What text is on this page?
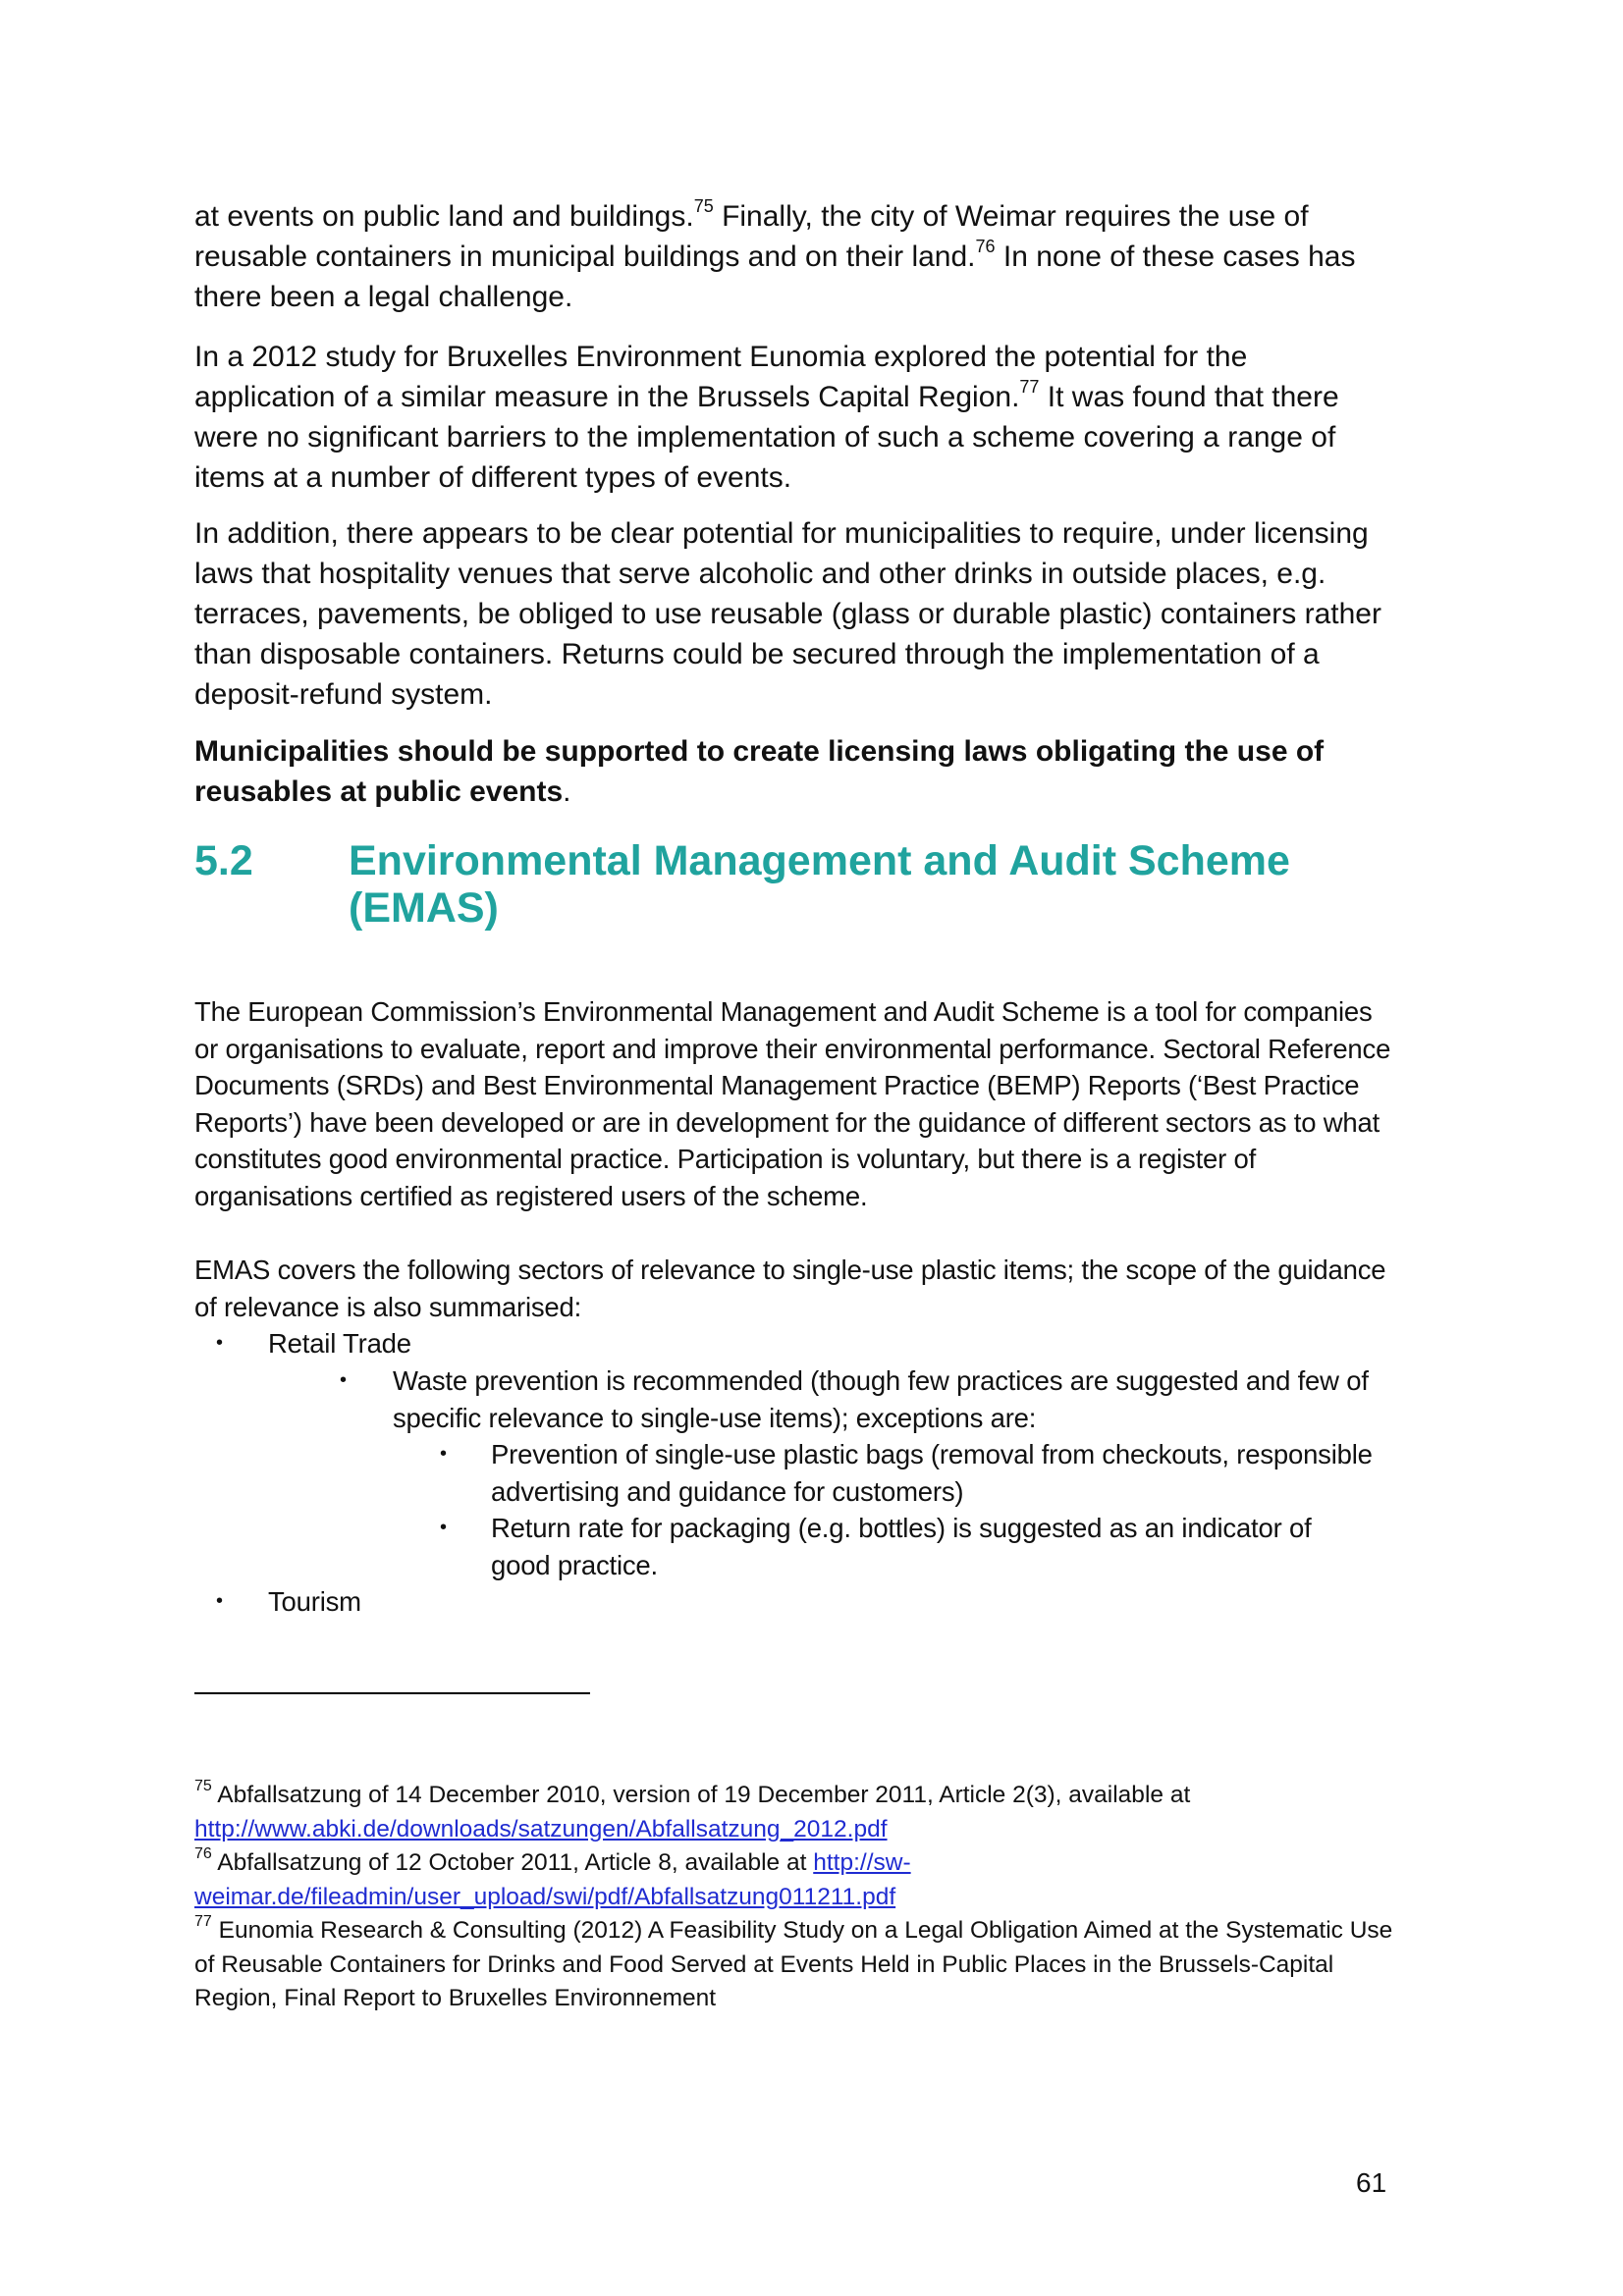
at events on public land and buildings.$^{75}$ Finally, the city of Weimar requires the use of reusable containers in municipal buildings and on their land.$^{76}$ In none of these cases has there been a legal challenge.

In a 2012 study for Bruxelles Environment Eunomia explored the potential for the application of a similar measure in the Brussels Capital Region.$^{77}$ It was found that there were no significant barriers to the implementation of such a scheme covering a range of items at a number of different types of events.

In addition, there appears to be clear potential for municipalities to require, under licensing laws that hospitality venues that serve alcoholic and other drinks in outside places, e.g. terraces, pavements, be obliged to use reusable (glass or durable plastic) containers rather than disposable containers. Returns could be secured through the implementation of a deposit-refund system.

Municipalities should be supported to create licensing laws obligating the use of reusables at public events.

5.2 Environmental Management and Audit Scheme (EMAS)

The European Commission’s Environmental Management and Audit Scheme is a tool for companies or organisations to evaluate, report and improve their environmental performance. Sectoral Reference Documents (SRDs) and Best Environmental Management Practice (BEMP) Reports (‘Best Practice Reports’) have been developed or are in development for the guidance of different sectors as to what constitutes good environmental practice. Participation is voluntary, but there is a register of organisations certified as registered users of the scheme.

EMAS covers the following sectors of relevance to single-use plastic items; the scope of the guidance of relevance is also summarised:

• Retail Trade
• Waste prevention is recommended (though few practices are suggested and few of specific relevance to single-use items); exceptions are:
• Prevention of single-use plastic bags (removal from checkouts, responsible advertising and guidance for customers)
• Return rate for packaging (e.g. bottles) is suggested as an indicator of good practice.
• Tourism

$^{75}$ Abfallsatzung of 14 December 2010, version of 19 December 2011, Article 2(3), available at http://www.abki.de/downloads/satzungen/Abfallsatzung_2012.pdf

$^{76}$ Abfallsatzung of 12 October 2011, Article 8, available at http://sw-weimar.de/fileadmin/user_upload/swi/pdf/Abfallsatzung011211.pdf

$^{77}$ Eunomia Research & Consulting (2012) A Feasibility Study on a Legal Obligation Aimed at the Systematic Use of Reusable Containers for Drinks and Food Served at Events Held in Public Places in the Brussels-Capital Region, Final Report to Bruxelles Environnement

61
